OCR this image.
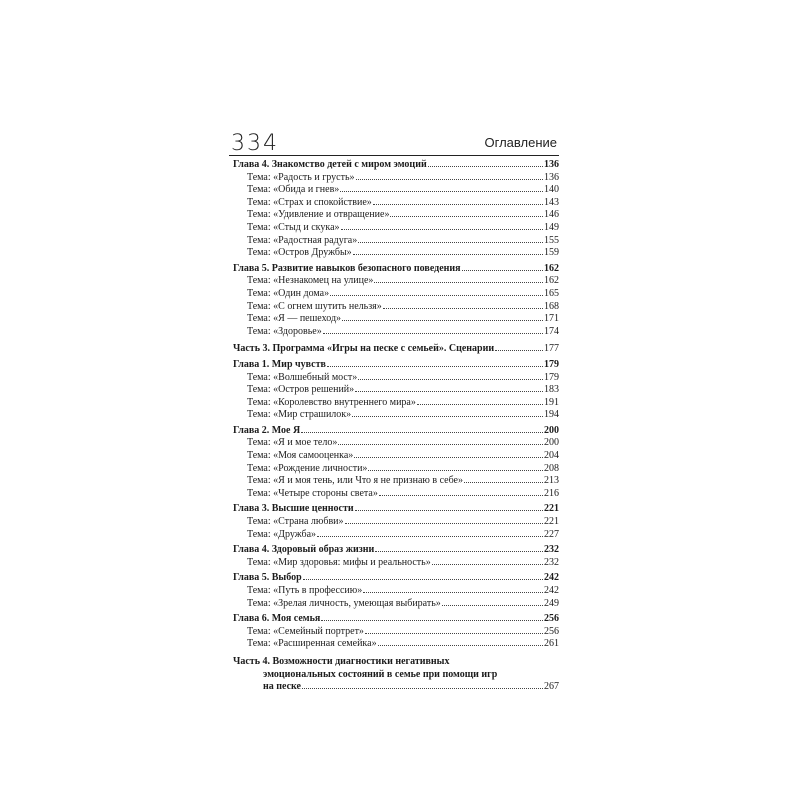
334	Оглавление
Глава 4. Знакомство детей с миром эмоций	136
Тема: «Радость и грусть»	136
Тема: «Обида и гнев»	140
Тема: «Страх и спокойствие»	143
Тема: «Удивление и отвращение»	146
Тема: «Стыд и скука»	149
Тема: «Радостная радуга»	155
Тема: «Остров Дружбы»	159
Глава 5. Развитие навыков безопасного поведения	162
Тема: «Незнакомец на улице»	162
Тема: «Один дома»	165
Тема: «С огнем шутить нельзя»	168
Тема: «Я — пешеход»	171
Тема: «Здоровье»	174
Часть 3. Программа «Игры на песке с семьей». Сценарии	177
Глава 1. Мир чувств	179
Тема: «Волшебный мост»	179
Тема: «Остров решений»	183
Тема: «Королевство внутреннего мира»	191
Тема: «Мир страшилок»	194
Глава 2. Мое Я	200
Тема: «Я и мое тело»	200
Тема: «Моя самооценка»	204
Тема: «Рождение личности»	208
Тема: «Я и моя тень, или Что я не признаю в себе»	213
Тема: «Четыре стороны света»	216
Глава 3. Высшие ценности	221
Тема: «Страна любви»	221
Тема: «Дружба»	227
Глава 4. Здоровый образ жизни	232
Тема: «Мир здоровья: мифы и реальность»	232
Глава 5. Выбор	242
Тема: «Путь в профессию»	242
Тема: «Зрелая личность, умеющая выбирать»	249
Глава 6. Моя семья	256
Тема: «Семейный портрет»	256
Тема: «Расширенная семейка»	261
Часть 4. Возможности диагностики негативных
эмоциональных состояний в семье при помощи игр
на песке	267
